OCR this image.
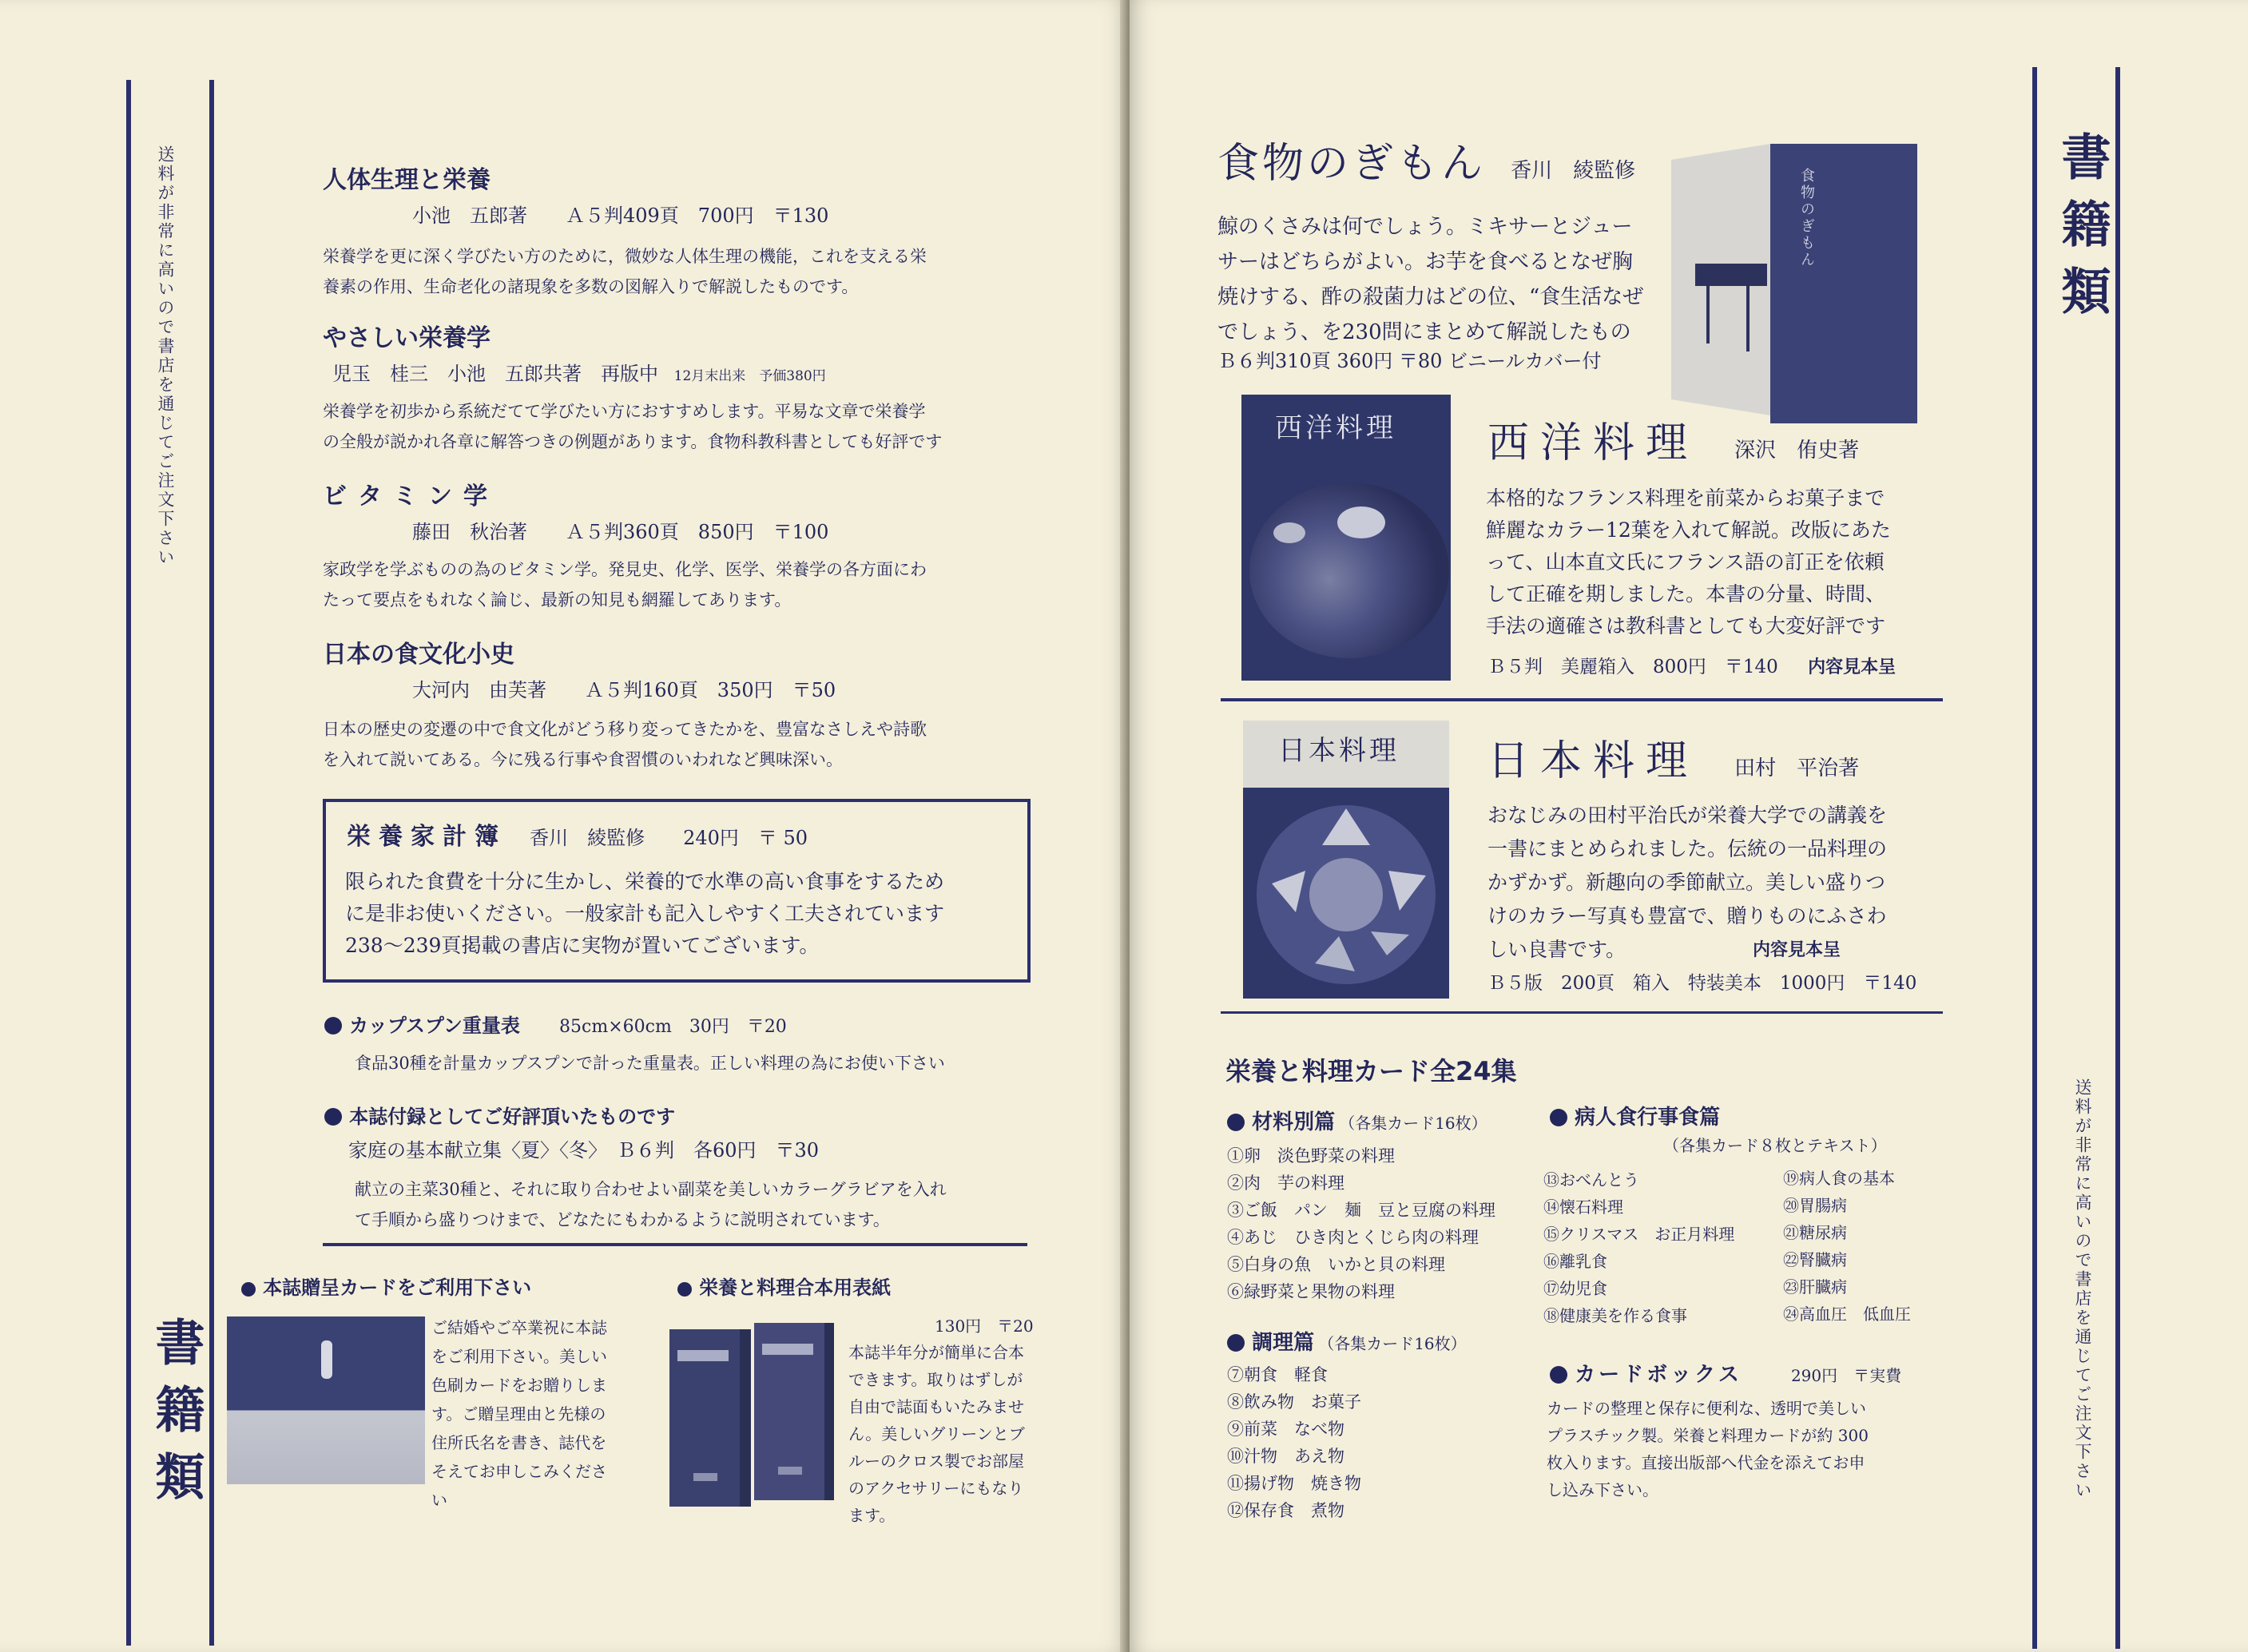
送料が非常に高いので書店を通じてご注文下さい
書籍類
人体生理と栄養
小池　五郎著　　Ａ５判409頁　700円　〒130
栄養学を更に深く学びたい方のために，微妙な人体生理の機能，これを支える栄
養素の作用、生命老化の諸現象を多数の図解入りで解説したものです。
やさしい栄養学
児玉　桂三　小池　五郎共著　再版中 12月末出来　予価380円
栄養学を初歩から系統だてて学びたい方におすすめします。平易な文章で栄養学
の全般が説かれ各章に解答つきの例題があります。食物科教科書としても好評です
ビタミン学
藤田　秋治著　　Ａ５判360頁　850円　〒100
家政学を学ぶものの為のビタミン学。発見史、化学、医学、栄養学の各方面にわ
たって要点をもれなく論じ、最新の知見も網羅してあります。
日本の食文化小史
大河内　由芙著　　Ａ５判160頁　350円　〒50
日本の歴史の変遷の中で食文化がどう移り変ってきたかを、豊富なさしえや詩歌
を入れて説いてある。今に残る行事や食習慣のいわれなど興味深い。
栄養家計簿 香川　綾監修　　240円　〒 50
限られた食費を十分に生かし、栄養的で水準の高い食事をするため
に是非お使いください。一般家計も記入しやすく工夫されています
238〜239頁掲載の書店に実物が置いてございます。
カップスプン重量表 85cm×60cm　30円　〒20
食品30種を計量カップスプンで計った重量表。正しい料理の為にお使い下さい
本誌付録としてご好評頂いたものです
家庭の基本献立集〈夏〉〈冬〉　Ｂ６判　各60円　〒30
献立の主菜30種と、それに取り合わせよい副菜を美しいカラーグラビアを入れ
て手順から盛りつけまで、どなたにもわかるように説明されています。
本誌贈呈カードをご利用下さい
ご結婚やご卒業祝に本誌
をご利用下さい。美しい
色刷カードをお贈りしま
す。ご贈呈理由と先様の
住所氏名を書き、誌代を
そえてお申しこみくださ
い
栄養と料理合本用表紙
130円　〒20
本誌半年分が簡単に合本
できます。取りはずしが
自由で誌面もいたみませ
ん。美しいグリーンとブ
ルーのクロス製でお部屋
のアクセサリーにもなり
ます。
書籍類
送料が非常に高いので書店を通じてご注文下さい
食物のぎもん 香川　綾監修
鯨のくさみは何でしょう。ミキサーとジュー
サーはどちらがよい。お芋を食べるとなぜ胸
焼けする、酢の殺菌力はどの位、“食生活なぜ
でしょう、を230問にまとめて解説したもの
Ｂ６判310頁 360円 〒80 ビニールカバー付
食物のぎもん
西洋料理 西洋料理 深沢　侑史著
本格的なフランス料理を前菜からお菓子まで
鮮麗なカラー12葉を入れて解説。改版にあた
って、山本直文氏にフランス語の訂正を依頼
して正確を期しました。本書の分量、時間、
手法の適確さは教科書としても大変好評です
Ｂ５判　美麗箱入　800円　〒140 内容見本呈
日本料理 日本料理 田村　平治著
おなじみの田村平治氏が栄養大学での講義を
一書にまとめられました。伝統の一品料理の
かずかず。新趣向の季節献立。美しい盛りつ
けのカラー写真も豊富で、贈りものにふさわ
しい良書です。	内容見本呈
Ｂ５版　200頁　箱入　特装美本　1000円　〒140
栄養と料理カード全24集
材料別篇 （各集カード16枚）
①卵　淡色野菜の料理
②肉　芋の料理
③ご飯　パン　麺　豆と豆腐の料理
④あじ　ひき肉とくじら肉の料理
⑤白身の魚　いかと貝の料理
⑥緑野菜と果物の料理
調理篇 （各集カード16枚）
⑦朝食　軽食
⑧飲み物　お菓子
⑨前菜　なべ物
⑩汁物　あえ物
⑪揚げ物　焼き物
⑫保存食　煮物
病人食行事食篇
（各集カード８枚とテキスト）
⑬おべんとう
⑭懐石料理
⑮クリスマス　お正月料理
⑯離乳食
⑰幼児食
⑱健康美を作る食事
⑲病人食の基本
⑳胃腸病
㉑糖尿病
㉒腎臓病
㉓肝臓病
㉔高血圧　低血圧
カードボックス	290円　〒実費
カードの整理と保存に便利な、透明で美しい
プラスチック製。栄養と料理カードが約 300
枚入ります。直接出版部へ代金を添えてお申
し込み下さい。
